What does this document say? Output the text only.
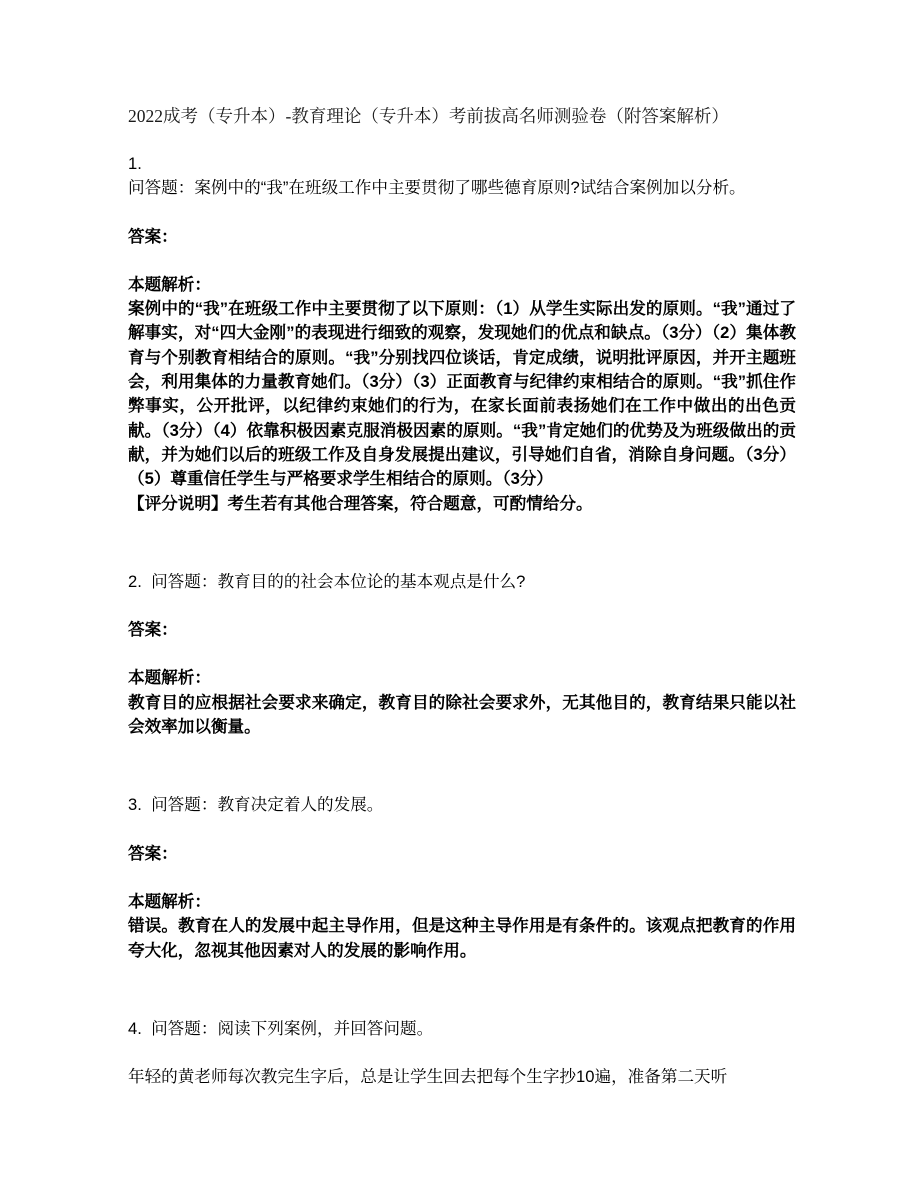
2022成考（专升本）-教育理论（专升本）考前拔高名师测验卷（附答案解析）
1.
问答题：案例中的“我”在班级工作中主要贯彻了哪些德育原则?试结合案例加以分析。
答案：
本题解析：
案例中的“我”在班级工作中主要贯彻了以下原则：（1）从学生实际出发的原则。“我”通过了解事实，对“四大金刚”的表现进行细致的观察，发现她们的优点和缺点。（3分）（2）集体教育与个别教育相结合的原则。“我”分别找四位谈话，肯定成绩，说明批评原因，并开主题班会，利用集体的力量教育她们。（3分）（3）正面教育与纪律约束相结合的原则。“我”抓住作弊事实，公开批评，以纪律约束她们的行为，在家长面前表扬她们在工作中做出的出色贡献。（3分）（4）依靠积极因素克服消极因素的原则。“我”肯定她们的优势及为班级做出的贡献，并为她们以后的班级工作及自身发展提出建议，引导她们自省，消除自身问题。（3分）（5）尊重信任学生与严格要求学生相结合的原则。（3分）
【评分说明】考生若有其他合理答案，符合题意，可酌情给分。
2. 问答题：教育目的的社会本位论的基本观点是什么?
答案：
本题解析：
教育目的应根据社会要求来确定，教育目的除社会要求外，无其他目的，教育结果只能以社会效率加以衡量。
3. 问答题：教育决定着人的发展。
答案：
本题解析：
错误。教育在人的发展中起主导作用，但是这种主导作用是有条件的。该观点把教育的作用夸大化，忽视其他因素对人的发展的影响作用。
4. 问答题：阅读下列案例，并回答问题。
年轻的黄老师每次教完生字后，总是让学生回去把每个生字抄10遍，准备第二天听
